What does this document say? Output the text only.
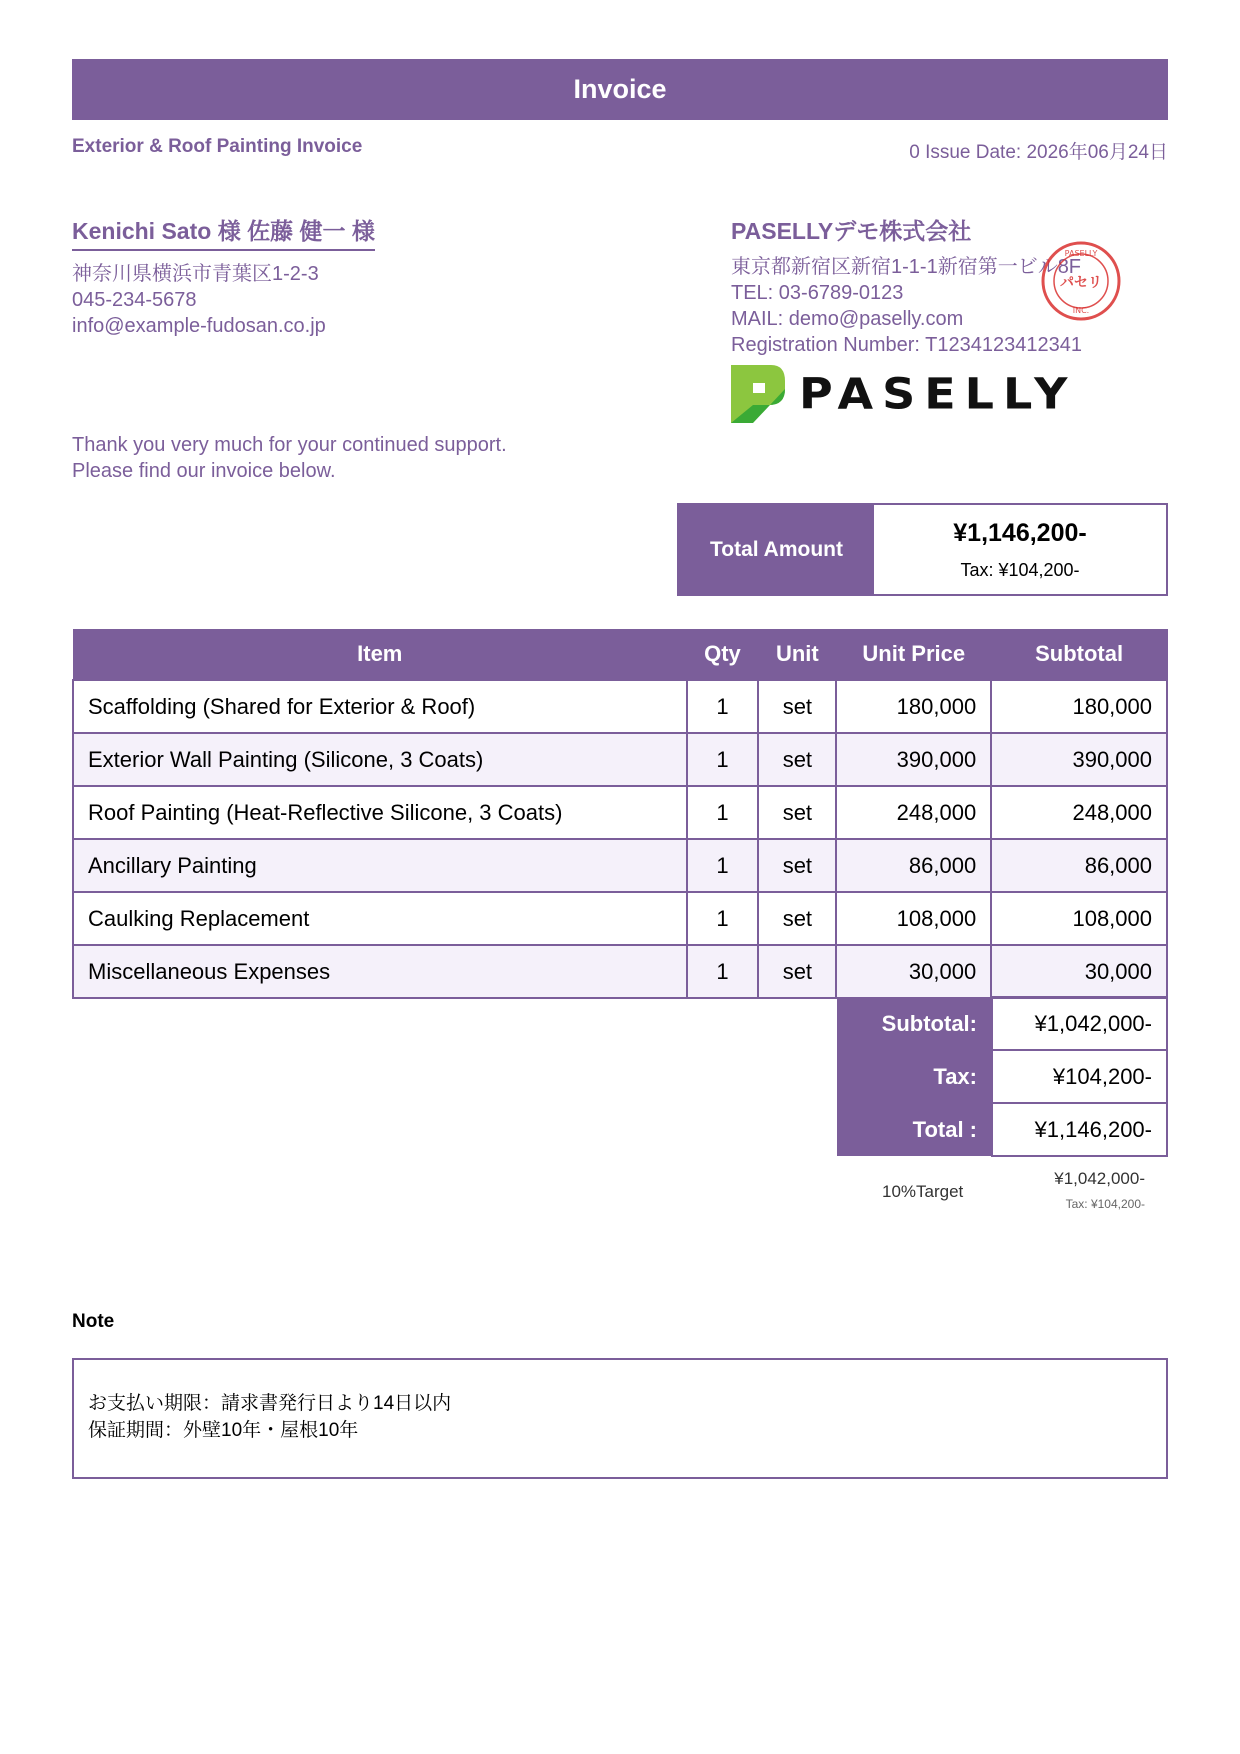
Invoice
Exterior & Roof Painting Invoice	0 Issue Date: 2026年06月24日
Kenichi Sato 様 佐藤 健一 様
神奈川県横浜市青葉区1-2-3
045-234-5678
info@example-fudosan.co.jp
PASELLYデモ株式会社
東京都新宿区新宿1-1-1新宿第一ビル8F
TEL: 03-6789-0123
MAIL: demo@paselly.com
Registration Number: T1234123412341
PASELLY
パセリ
INC.
PASELLY
Thank you very much for your continued support.
Please find our invoice below.
Total Amount
¥1,146,200-
Tax: ¥104,200-
Item	Qty	Unit	Unit Price	Subtotal
Scaffolding (Shared for Exterior & Roof)	1	set	180,000	180,000
Exterior Wall Painting (Silicone, 3 Coats)	1	set	390,000	390,000
Roof Painting (Heat-Reflective Silicone, 3 Coats)	1	set	248,000	248,000
Ancillary Painting	1	set	86,000	86,000
Caulking Replacement	1	set	108,000	108,000
Miscellaneous Expenses	1	set	30,000	30,000
Subtotal:	¥1,042,000-
Tax:	¥104,200-
Total :	¥1,146,200-
10%Target
¥1,042,000-
Tax: ¥104,200-
Note
お支払い期限：請求書発行日より14日以内
保証期間：外壁10年・屋根10年
